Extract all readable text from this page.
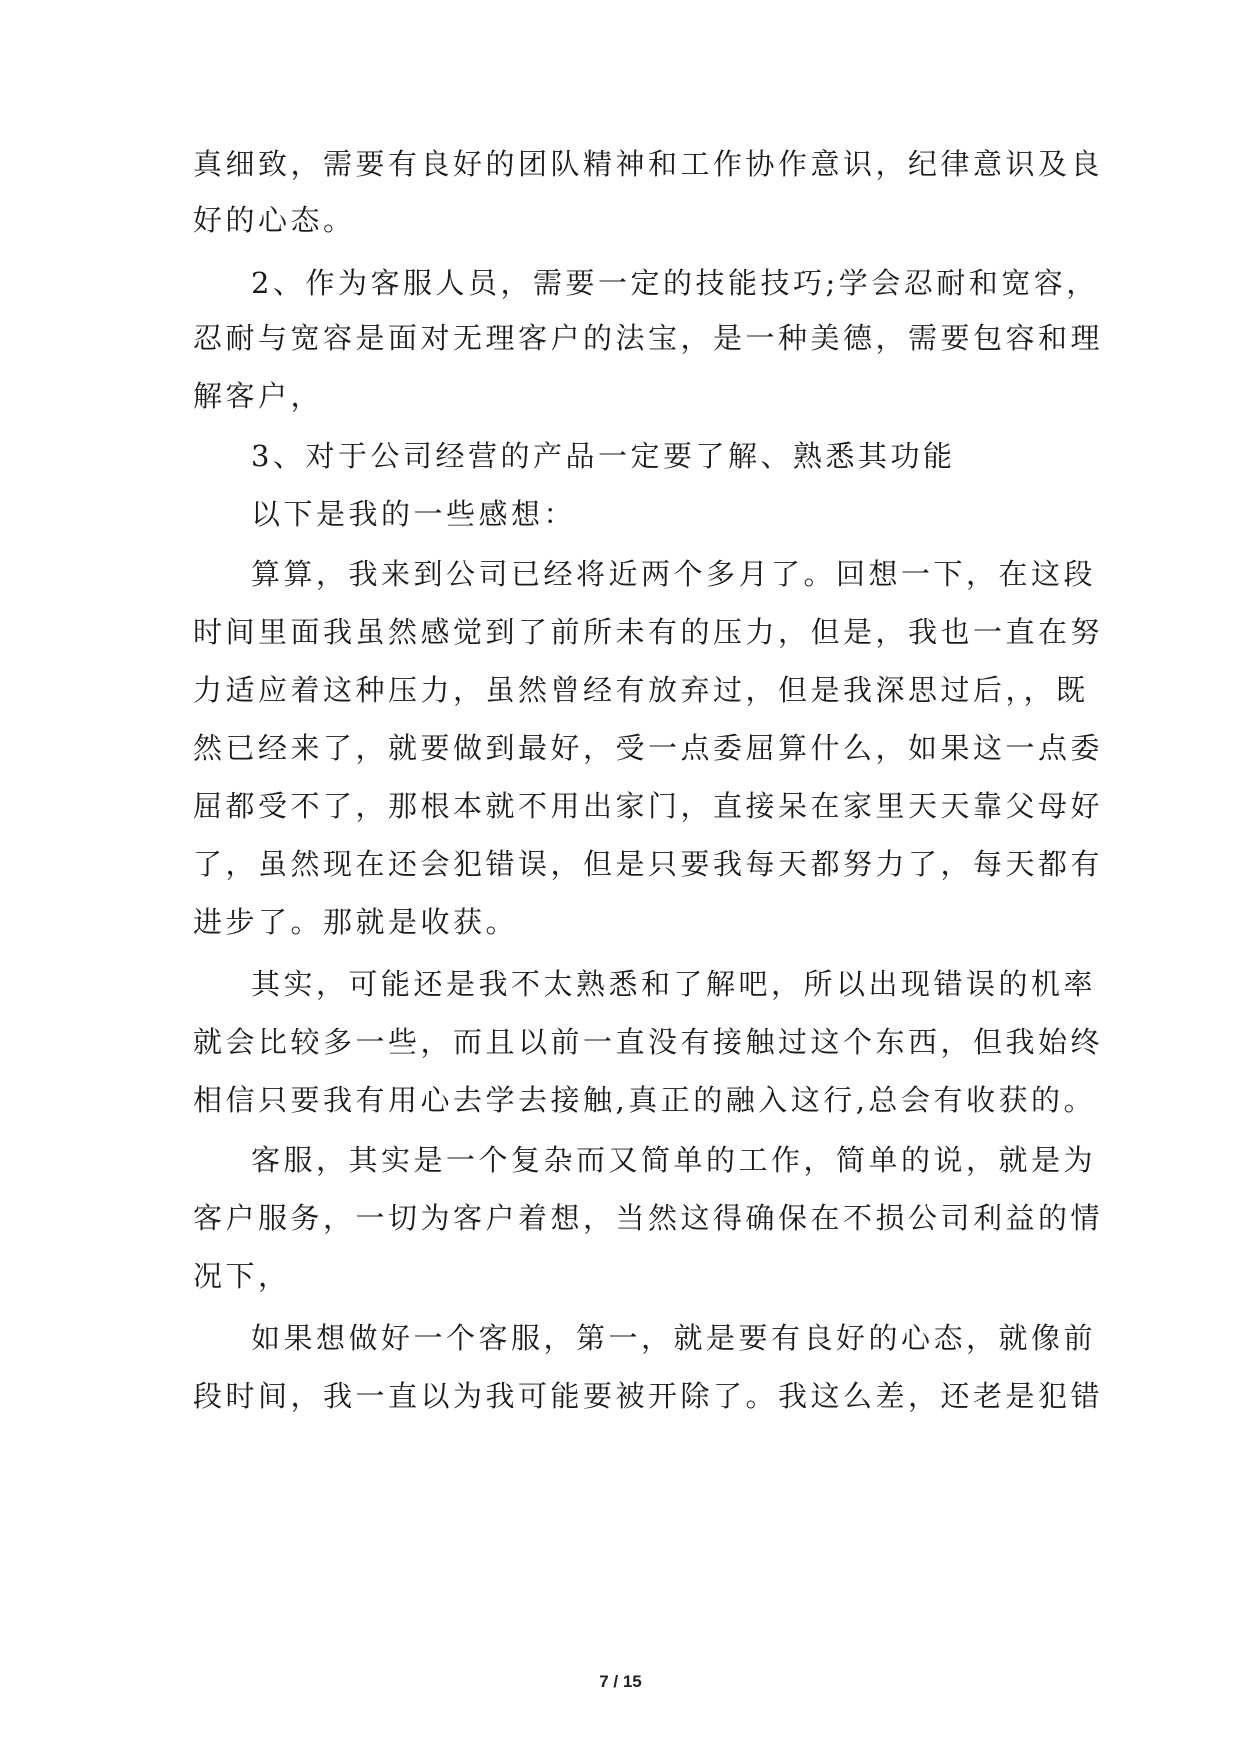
真细致，需要有良好的团队精神和工作协作意识，纪律意识及良
好的心态。
2、作为客服人员，需要一定的技能技巧;学会忍耐和宽容，
忍耐与宽容是面对无理客户的法宝，是一种美德，需要包容和理
解客户，
3、对于公司经营的产品一定要了解、熟悉其功能
以下是我的一些感想：
算算，我来到公司已经将近两个多月了。回想一下，在这段
时间里面我虽然感觉到了前所未有的压力，但是，我也一直在努
力适应着这种压力，虽然曾经有放弃过，但是我深思过后，，既
然已经来了，就要做到最好，受一点委屈算什么，如果这一点委
屈都受不了，那根本就不用出家门，直接呆在家里天天靠父母好
了，虽然现在还会犯错误，但是只要我每天都努力了，每天都有
进步了。那就是收获。
其实，可能还是我不太熟悉和了解吧，所以出现错误的机率
就会比较多一些，而且以前一直没有接触过这个东西，但我始终
相信只要我有用心去学去接触,真正的融入这行,总会有收获的。
客服，其实是一个复杂而又简单的工作，简单的说，就是为
客户服务，一切为客户着想，当然这得确保在不损公司利益的情
况下，
如果想做好一个客服，第一，就是要有良好的心态，就像前
段时间，我一直以为我可能要被开除了。我这么差，还老是犯错
7 / 15
